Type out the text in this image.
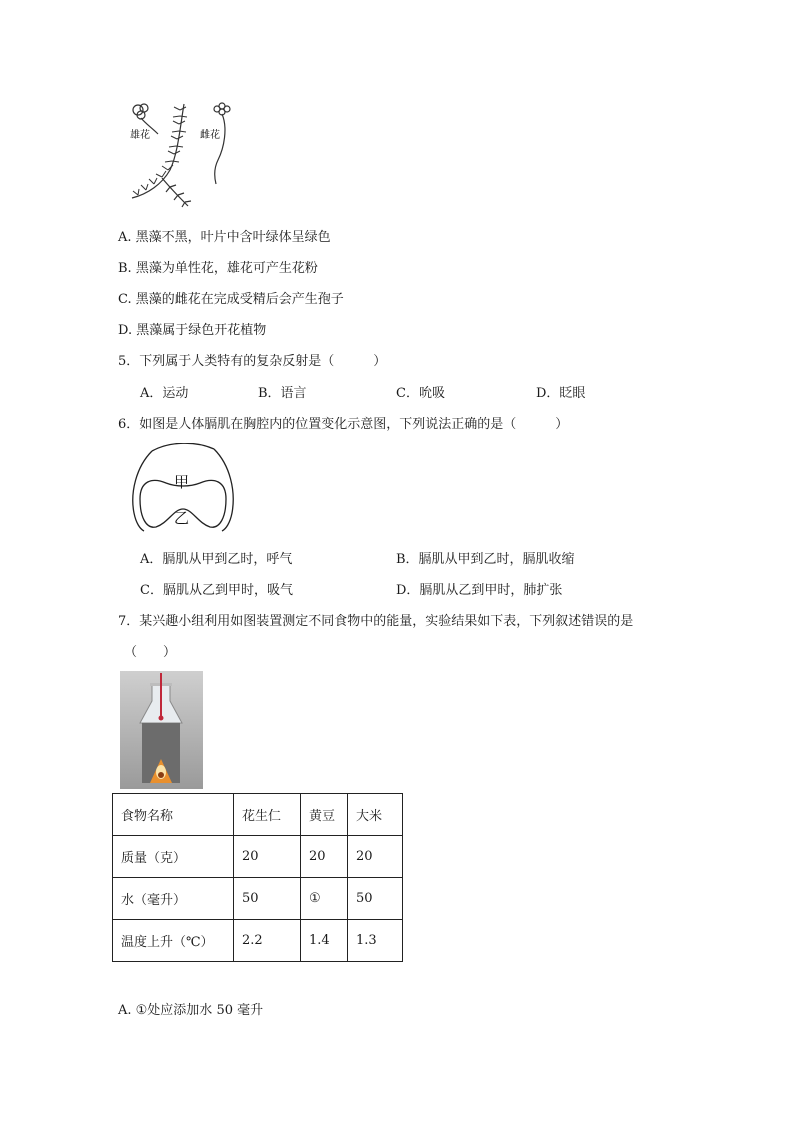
雄花	雌花
A. 黑藻不黑，叶片中含叶绿体呈绿色
B. 黑藻为单性花，雄花可产生花粉
C. 黑藻的雌花在完成受精后会产生孢子
D. 黑藻属于绿色开花植物
5．下列属于人类特有的复杂反射是（　　　）
A．运动	B．语言	C．吮吸	D．眨眼
6．如图是人体膈肌在胸腔内的位置变化示意图，下列说法正确的是（　　　）
甲
乙
A．膈肌从甲到乙时，呼气	B．膈肌从甲到乙时，膈肌收缩
C．膈肌从乙到甲时，吸气	D．膈肌从乙到甲时，肺扩张
7．某兴趣小组利用如图装置测定不同食物中的能量，实验结果如下表，下列叙述错误的是
（　　）
食物名称	花生仁	黄豆	大米
质量（克）	20	20	20
水（毫升）	50	①	50
温度上升（℃）	2.2	1.4	1.3
A. ①处应添加水 50 毫升
